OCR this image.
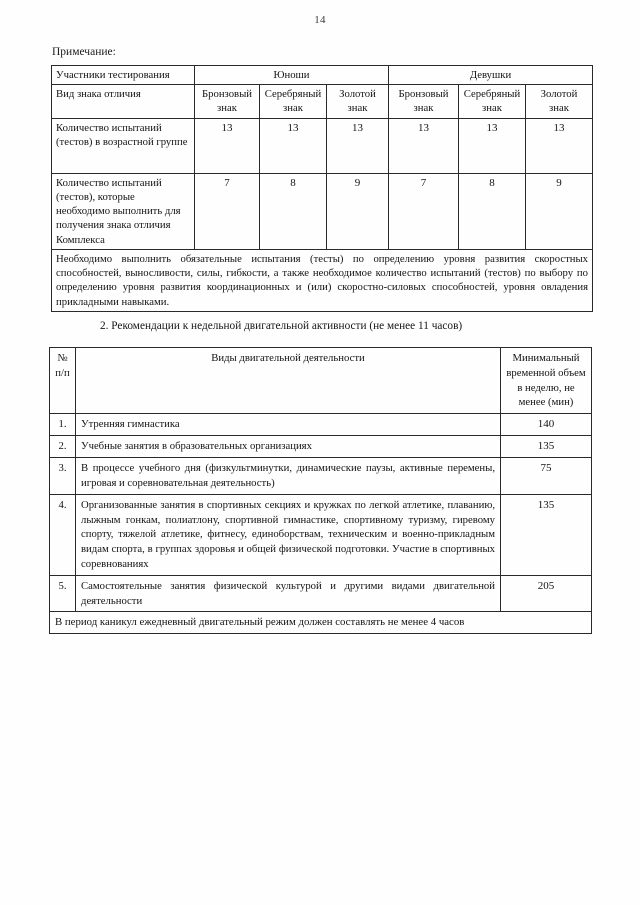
14
Примечание:
Участники тестирования	Юноши			Девушки		
Вид знака отличия	Бронзовый знак	Серебряный знак	Золотой знак	Бронзовый знак	Серебряный знак	Золотой знак
Количество испытаний (тестов) в возрастной группе	13	13	13	13	13	13
Количество испытаний (тестов), которые необходимо выполнить для получения знака отличия Комплекса	7	8	9	7	8	9
Необходимо выполнить обязательные испытания (тесты) по определению уровня развития скоростных способностей, выносливости, силы, гибкости, а также необходимое количество испытаний (тестов) по выбору по определению уровня развития координационных и (или) скоростно-силовых способностей, уровня овладения прикладными навыками.						
2. Рекомендации к недельной двигательной активности (не менее 11 часов)
№
п/п	Виды двигательной деятельности	Минимальный временной объем в неделю, не менее (мин)
1.	Утренняя гимнастика	140
2.	Учебные занятия в образовательных организациях	135
3.	В процессе учебного дня (физкультминутки, динамические паузы, активные перемены, игровая и соревновательная деятельность)	75
4.	Организованные занятия в спортивных секциях и кружках по легкой атлетике, плаванию, лыжным гонкам, полиатлону, спортивной гимнастике, спортивному туризму, гиревому спорту, тяжелой атлетике, фитнесу, единоборствам, техническим и военно-прикладным видам спорта, в группах здоровья и общей физической подготовки. Участие в спортивных соревнованиях	135
5.	Самостоятельные занятия физической культурой и другими видами двигательной деятельности	205
В период каникул ежедневный двигательный режим должен составлять не менее 4 часов		
